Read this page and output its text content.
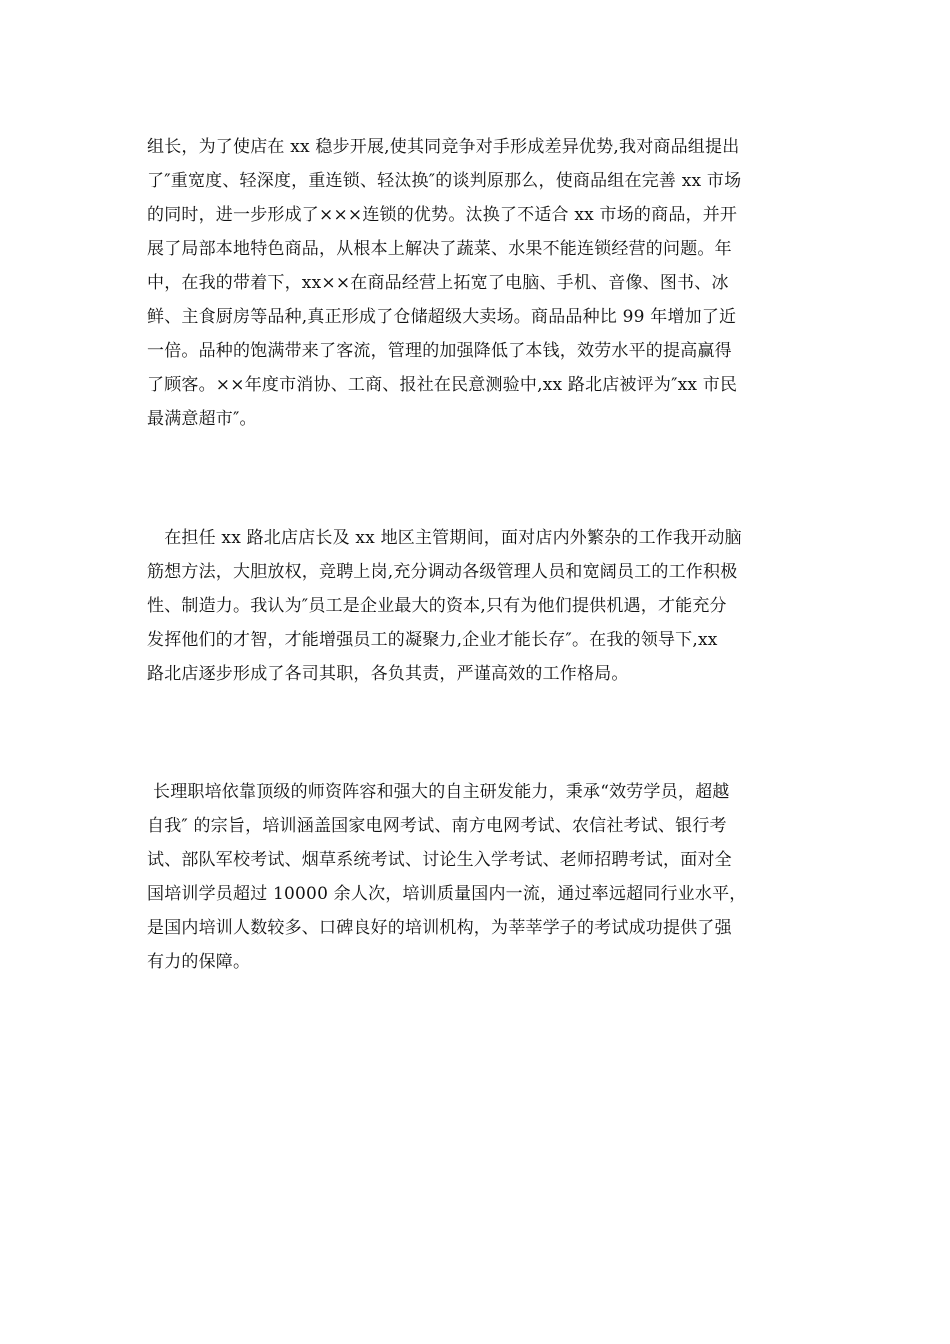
组长，为了使店在 xx 稳步开展,使其同竞争对手形成差异优势,我对商品组提出
了″重宽度、轻深度，重连锁、轻汰换″的谈判原那么，使商品组在完善 xx 市场
的同时，进一步形成了×××连锁的优势。汰换了不适合 xx 市场的商品，并开
展了局部本地特色商品，从根本上解决了蔬菜、水果不能连锁经营的问题。年
中，在我的带着下，xx××在商品经营上拓宽了电脑、手机、音像、图书、冰
鲜、主食厨房等品种,真正形成了仓储超级大卖场。商品品种比 99 年增加了近
一倍。品种的饱满带来了客流，管理的加强降低了本钱，效劳水平的提高赢得
了顾客。××年度市消协、工商、报社在民意测验中,xx 路北店被评为″xx 市民
最满意超市″。
　在担任 xx 路北店店长及 xx 地区主管期间，面对店内外繁杂的工作我开动脑
筋想方法，大胆放权，竞聘上岗,充分调动各级管理人员和宽阔员工的工作积极
性、制造力。我认为″员工是企业最大的资本,只有为他们提供机遇，才能充分
发挥他们的才智，才能增强员工的凝聚力,企业才能长存″。在我的领导下,xx
路北店逐步形成了各司其职，各负其责，严谨高效的工作格局。
长理职培依靠顶级的师资阵容和强大的自主研发能力，秉承“效劳学员，超越
自我″ 的宗旨，培训涵盖国家电网考试、南方电网考试、农信社考试、银行考
试、部队军校考试、烟草系统考试、讨论生入学考试、老师招聘考试，面对全
国培训学员超过 10000 余人次，培训质量国内一流，通过率远超同行业水平，
是国内培训人数较多、口碑良好的培训机构，为莘莘学子的考试成功提供了强
有力的保障。
